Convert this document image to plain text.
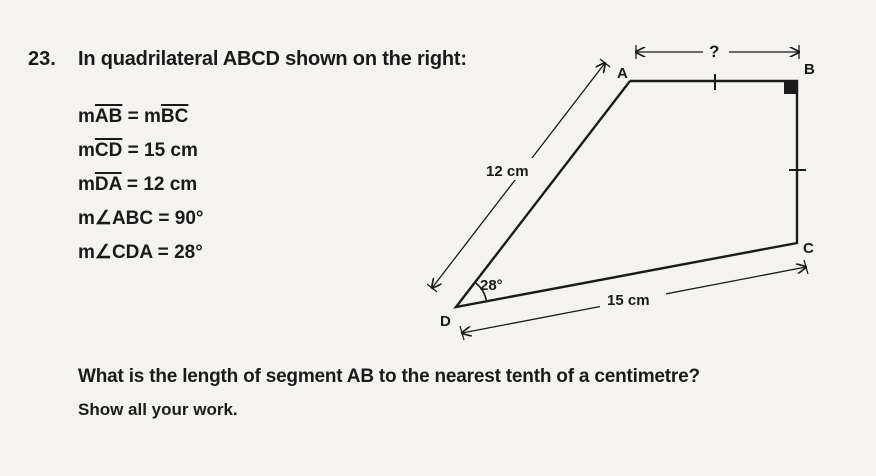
23. In quadrilateral ABCD shown on the right:
$m\overline{AB} = m\overline{BC}$
$m\overline{CD} = 15$ cm
$m\overline{DA} = 12$ cm
m∠ABC = 90°
m∠CDA = 28°
A	B
C
D
12 cm
15 cm
28°
?
What is the length of segment AB to the nearest tenth of a centimetre?
Show all your work.
